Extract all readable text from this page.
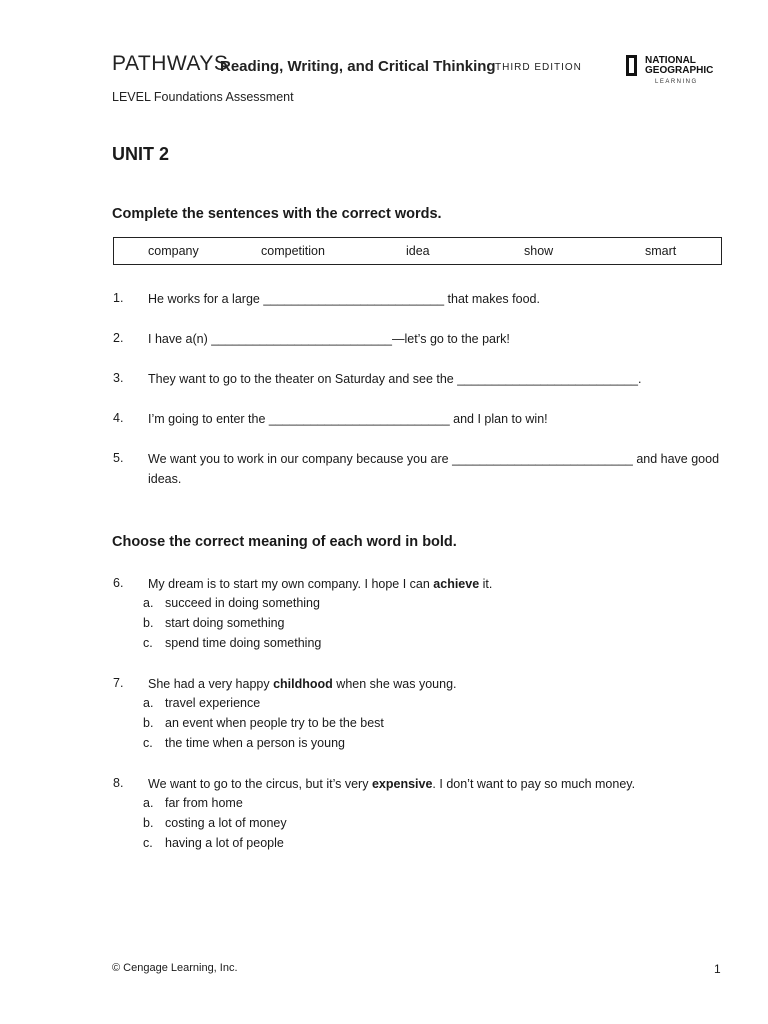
PATHWAYS
Reading, Writing, and Critical Thinking THIRD EDITION
NATIONAL
GEOGRAPHIC
LEARNING
LEVEL Foundations Assessment
UNIT 2
Complete the sentences with the correct words.
company	competition	idea	show	smart
1. He works for a large __________________________ that makes food.
2. I have a(n) __________________________—let’s go to the park!
3. They want to go to the theater on Saturday and see the __________________________.
4. I’m going to enter the __________________________ and I plan to win!
5. We want you to work in our company because you are __________________________ and have good ideas.
Choose the correct meaning of each word in bold.
6. My dream is to start my own company. I hope I can achieve it.
a. succeed in doing something
b. start doing something
c. spend time doing something
7. She had a very happy childhood when she was young.
a. travel experience
b. an event when people try to be the best
c. the time when a person is young
8. We want to go to the circus, but it’s very expensive. I don’t want to pay so much money.
a. far from home
b. costing a lot of money
c. having a lot of people
© Cengage Learning, Inc.	1
